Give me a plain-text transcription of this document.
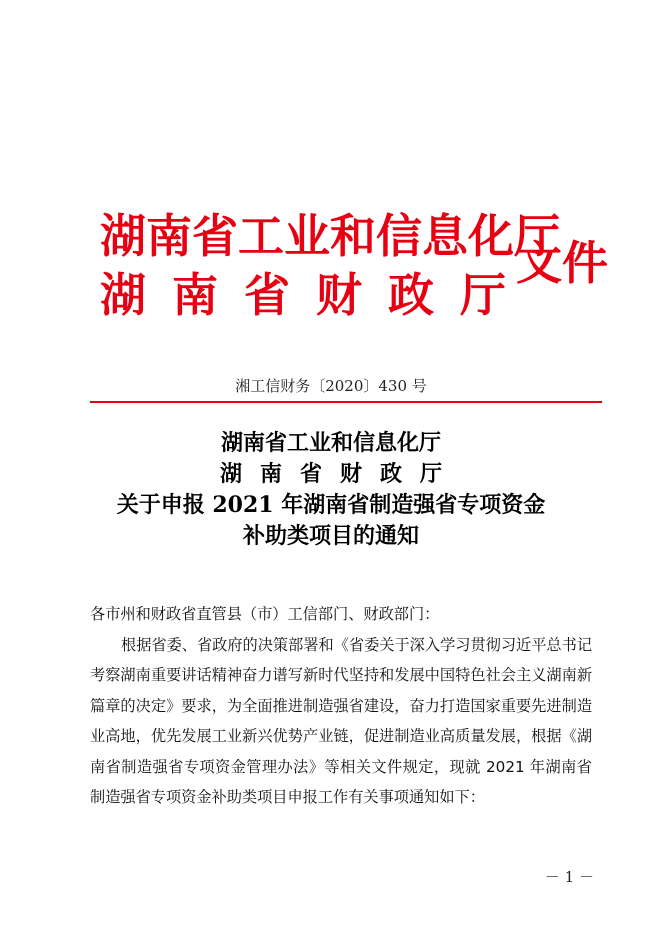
湖南省工业和信息化厅
湖南省财政厅
文件
湘工信财务〔2020〕430 号
湖南省工业和信息化厅
湖南省财政厅
关于申报 2021 年湖南省制造强省专项资金
补助类项目的通知

各市州和财政省直管县（市）工信部门、财政部门：

根据省委、省政府的决策部署和《省委关于深入学习贯彻习近平总书记考察湖南重要讲话精神奋力谱写新时代坚持和发展中国特色社会主义湖南新篇章的决定》要求，为全面推进制造强省建设，奋力打造国家重要先进制造业高地，优先发展工业新兴优势产业链，促进制造业高质量发展，根据《湖南省制造强省专项资金管理办法》等相关文件规定，现就 2021 年湖南省制造强省专项资金补助类项目申报工作有关事项通知如下：

－ 1 －
